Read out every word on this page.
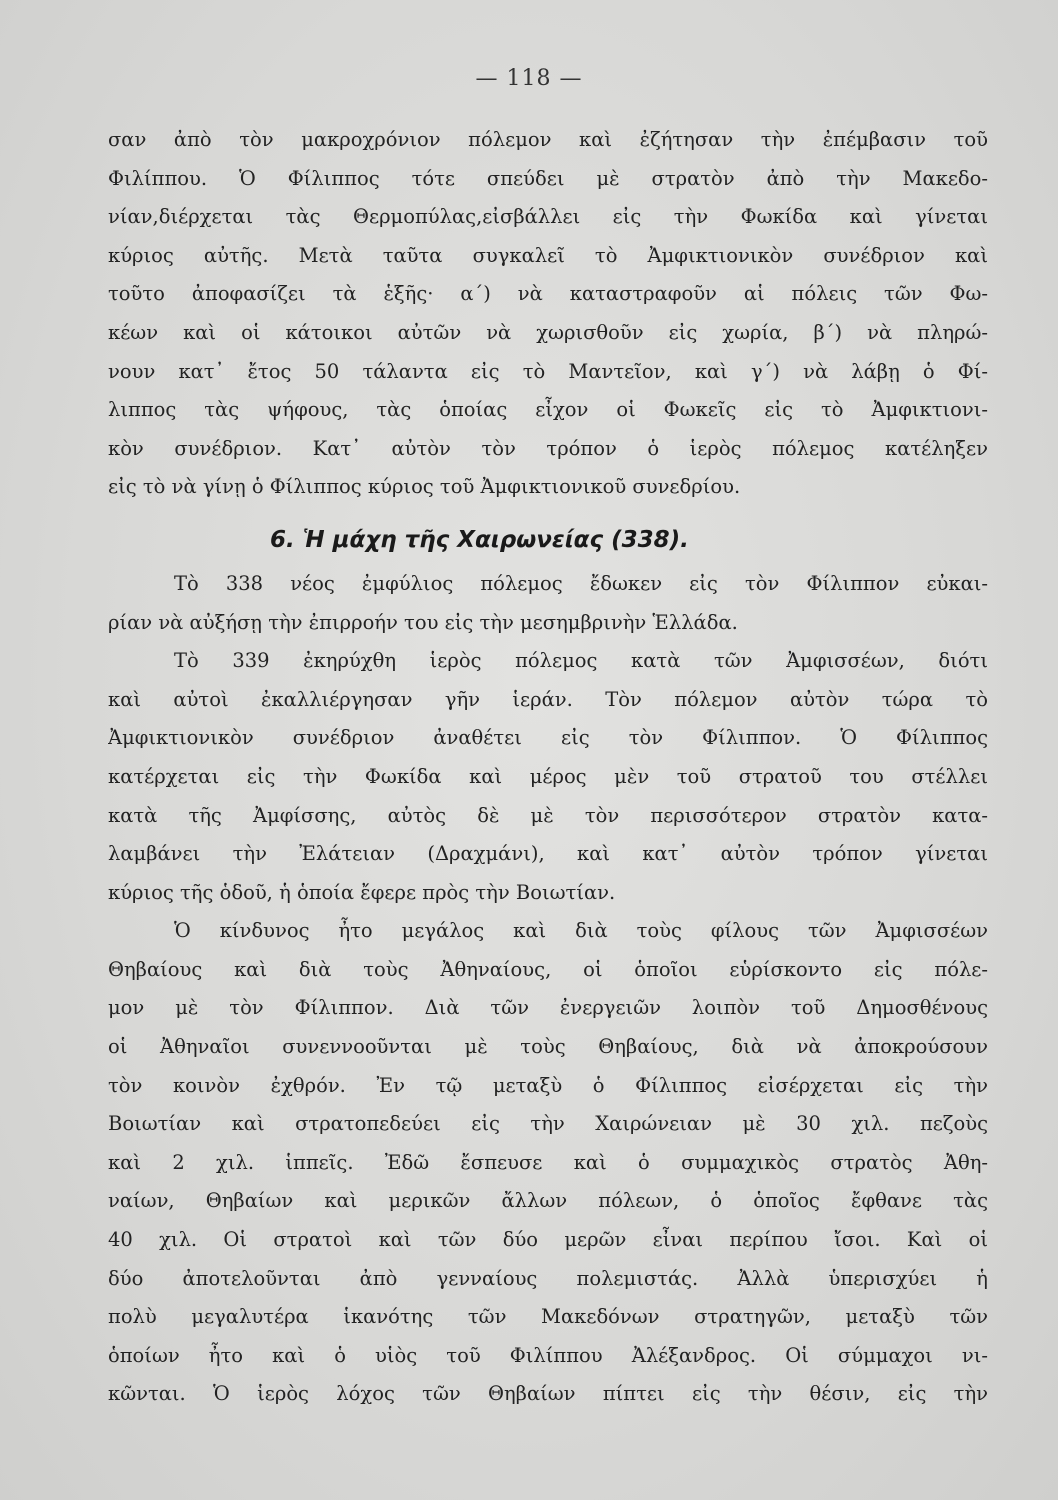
— 118 —
σαν ἀπὸ τὸν μακροχρόνιον πόλεμον καὶ ἐζήτησαν τὴν ἐπέμβασιν τοῦ
Φιλίππου. Ὁ Φίλιππος τότε σπεύδει μὲ στρατὸν ἀπὸ τὴν Μακεδο-
νίαν,διέρχεται τὰς Θερμοπύλας,εἰσβάλλει εἰς τὴν Φωκίδα καὶ γίνεται
κύριος αὐτῆς. Μετὰ ταῦτα συγκαλεῖ τὸ Ἀμφικτιονικὸν συνέδριον καὶ
τοῦτο ἀποφασίζει τὰ ἑξῆς· α΄) νὰ καταστραφοῦν αἱ πόλεις τῶν Φω-
κέων καὶ οἱ κάτοικοι αὐτῶν νὰ χωρισθοῦν εἰς χωρία, β΄) νὰ πληρώ-
νουν κατ᾿ ἔτος 50 τάλαντα εἰς τὸ Μαντεῖον, καὶ γ΄) νὰ λάβῃ ὁ Φί-
λιππος τὰς ψήφους, τὰς ὁποίας εἶχον οἱ Φωκεῖς εἰς τὸ Ἀμφικτιονι-
κὸν συνέδριον. Κατ᾿ αὐτὸν τὸν τρόπον ὁ ἱερὸς πόλεμος κατέληξεν
εἰς τὸ νὰ γίνῃ ὁ Φίλιππος κύριος τοῦ Ἀμφικτιονικοῦ συνεδρίου.
6. Ἡ μάχη τῆς Χαιρωνείας (338).
Τὸ 338 νέος ἐμφύλιος πόλεμος ἔδωκεν εἰς τὸν Φίλιππον εὐκαι-
ρίαν νὰ αὐξήσῃ τὴν ἐπιρροήν του εἰς τὴν μεσημβρινὴν Ἑλλάδα.
Τὸ 339 ἐκηρύχθη ἱερὸς πόλεμος κατὰ τῶν Ἀμφισσέων, διότι
καὶ αὐτοὶ ἐκαλλιέργησαν γῆν ἱεράν. Τὸν πόλεμον αὐτὸν τώρα τὸ
Ἀμφικτιονικὸν συνέδριον ἀναθέτει εἰς τὸν Φίλιππον. Ὁ Φίλιππος
κατέρχεται εἰς τὴν Φωκίδα καὶ μέρος μὲν τοῦ στρατοῦ του στέλλει
κατὰ τῆς Ἀμφίσσης, αὐτὸς δὲ μὲ τὸν περισσότερον στρατὸν κατα-
λαμβάνει τὴν Ἐλάτειαν (Δραχμάνι), καὶ κατ᾿ αὐτὸν τρόπον γίνεται
κύριος τῆς ὁδοῦ, ἡ ὁποία ἔφερε πρὸς τὴν Βοιωτίαν.
Ὁ κίνδυνος ἦτο μεγάλος καὶ διὰ τοὺς φίλους τῶν Ἀμφισσέων
Θηβαίους καὶ διὰ τοὺς Ἀθηναίους, οἱ ὁποῖοι εὑρίσκοντο εἰς πόλε-
μον μὲ τὸν Φίλιππον. Διὰ τῶν ἐνεργειῶν λοιπὸν τοῦ Δημοσθένους
οἱ Ἀθηναῖοι συνεννοοῦνται μὲ τοὺς Θηβαίους, διὰ νὰ ἀποκρούσουν
τὸν κοινὸν ἐχθρόν. Ἐν τῷ μεταξὺ ὁ Φίλιππος εἰσέρχεται εἰς τὴν
Βοιωτίαν καὶ στρατοπεδεύει εἰς τὴν Χαιρώνειαν μὲ 30 χιλ. πεζοὺς
καὶ 2 χιλ. ἱππεῖς. Ἐδῶ ἔσπευσε καὶ ὁ συμμαχικὸς στρατὸς Ἀθη-
ναίων, Θηβαίων καὶ μερικῶν ἄλλων πόλεων, ὁ ὁποῖος ἔφθανε τὰς
40 χιλ. Οἱ στρατοὶ καὶ τῶν δύο μερῶν εἶναι περίπου ἴσοι. Καὶ οἱ
δύο ἀποτελοῦνται ἀπὸ γενναίους πολεμιστάς. Ἀλλὰ ὑπερισχύει ἡ
πολὺ μεγαλυτέρα ἱκανότης τῶν Μακεδόνων στρατηγῶν, μεταξὺ τῶν
ὁποίων ἦτο καὶ ὁ υἱὸς τοῦ Φιλίππου Ἀλέξανδρος. Οἱ σύμμαχοι νι-
κῶνται. Ὁ ἱερὸς λόχος τῶν Θηβαίων πίπτει εἰς τὴν θέσιν, εἰς τὴν
